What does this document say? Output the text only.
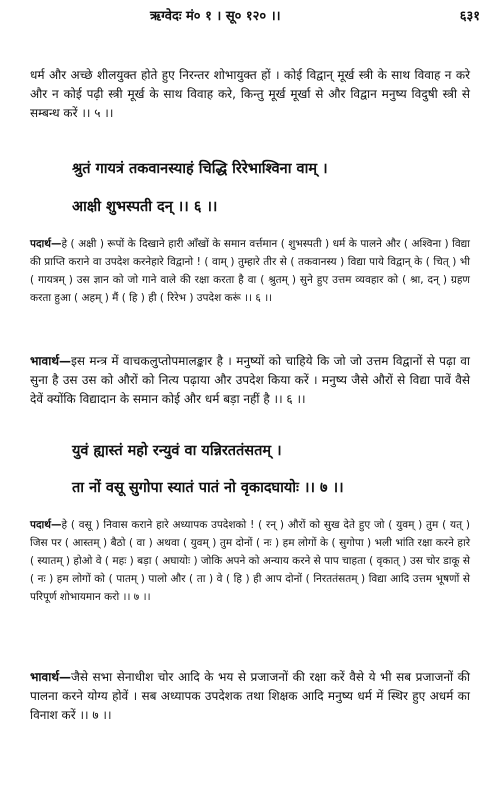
ऋग्वेदः मं० १ । सू० १२० ।।	६३१
धर्म और अच्छे शीलयुक्त होते हुए निरन्तर शोभायुक्त हों । कोई विद्वान् मूर्ख स्त्री के साथ विवाह न करे और न कोई पढ़ी स्त्री मूर्ख के साथ विवाह करे, किन्तु मूर्ख मूर्खा से और विद्वान मनुष्य विदुषी स्त्री से सम्बन्ध करें ।। ५ ।।
श्रुतं गायत्रं तकवानस्याहं चिद्धि रिरेभाश्विना वाम् ।
आक्षी शुभस्पती दन् ।। ६ ।।
पदार्थ—हे ( अक्षी ) रूपों के दिखाने हारी आँखों के समान वर्त्तमान ( शुभस्पती ) धर्म के पालने और ( अश्विना ) विद्या की प्राप्ति कराने वा उपदेश करनेहारे विद्वानो ! ( वाम् ) तुम्हारे तीर से ( तकवानस्य ) विद्या पाये विद्वान् के ( चित् ) भी ( गायत्रम् ) उस ज्ञान को जो गाने वाले की रक्षा करता है वा ( श्रुतम् ) सुने हुए उत्तम व्यवहार को ( श्रा, दन् ) ग्रहण करता हुआ ( अहम् ) मैं ( हि ) ही ( रिरेभ ) उपदेश करूं ।। ६ ।।
भावार्थ—इस मन्त्र में वाचकलुप्तोपमालङ्कार है । मनुष्यों को चाहिये कि जो जो उत्तम विद्वानों से पढ़ा वा सुना है उस उस को औरों को नित्य पढ़ाया और उपदेश किया करें । मनुष्य जैसे औरों से विद्या पावें वैसे देवें क्योंकि विद्यादान के समान कोई और धर्म बड़ा नहीं है ।। ६ ।।
युवं ह्यास्तं महो रन्युवं वा यन्निरततंसतम् ।
ता नों वसू सुगोपा स्यातं पातं नो वृकादघायोः ।। ७ ।।
पदार्थ—हे ( वसू ) निवास कराने हारे अध्यापक उपदेशको ! ( रन् ) औरों को सुख देते हुए जो ( युवम् ) तुम ( यत् ) जिस पर ( आस्तम् ) बैठो ( वा ) अथवा ( युवम् ) तुम दोनों ( नः ) हम लोगों के ( सुगोपा ) भली भांति रक्षा करने हारे ( स्यातम् ) होओ वे ( महः ) बड़ा ( अघायोः ) जोकि अपने को अन्याय करने से पाप चाहता ( वृकात् ) उस चोर डाकू से ( नः ) हम लोगों को ( पातम् ) पालो और ( ता ) वे ( हि ) ही आप दोनों ( निरततंसतम् ) विद्या आदि उत्तम भूषणों से परिपूर्ण शोभायमान करो ।। ७ ।।
भावार्थ—जैसे सभा सेनाधीश चोर आदि के भय से प्रजाजनों की रक्षा करें वैसे ये भी सब प्रजाजनों की पालना करने योग्य होवें । सब अध्यापक उपदेशक तथा शिक्षक आदि मनुष्य धर्म में स्थिर हुए अधर्म का विनाश करें ।। ७ ।।
